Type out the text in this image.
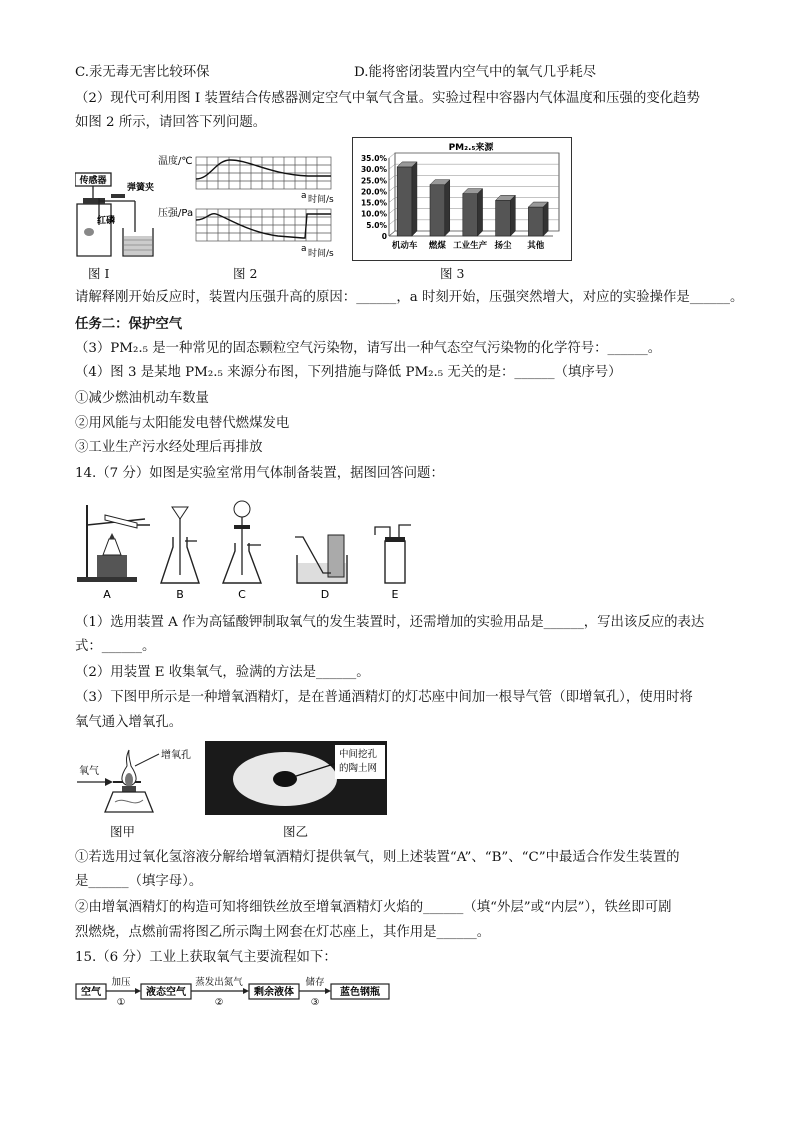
C.汞无毒无害比较环保	D.能将密闭装置内空气中的氧气几乎耗尽
（2）现代可利用图 I 装置结合传感器测定空气中氧气含量。实验过程中容器内气体温度和压强的变化趋势
如图 2 所示，请回答下列问题。
传感器
弹簧夹
红磷
图 I
温度/℃
a 时间/s
压强/Pa
a 时间/s
图 2
PM₂.₅来源
0
5.0%
10.0%
15.0%
20.0%
25.0%
30.0%
35.0%
机动车 燃煤 工业生产 扬尘 其他
图 3
请解释刚开始反应时，装置内压强升高的原因：______，a 时刻开始，压强突然增大，对应的实验操作是______。
任务二：保护空气
（3）PM₂.₅ 是一种常见的固态颗粒空气污染物，请写出一种气态空气污染物的化学符号：______。
（4）图 3 是某地 PM₂.₅ 来源分布图，下列措施与降低 PM₂.₅ 无关的是：______（填序号）
①减少燃油机动车数量
②用风能与太阳能发电替代燃煤发电
③工业生产污水经处理后再排放
14.（7 分）如图是实验室常用气体制备装置，据图回答问题：
A	B	C	D	E
（1）选用装置 A 作为高锰酸钾制取氧气的发生装置时，还需增加的实验用品是______，写出该反应的表达
式：______。
（2）用装置 E 收集氧气，验满的方法是______。
（3）下图甲所示是一种增氧酒精灯，是在普通酒精灯的灯芯座中间加一根导气管（即增氧孔），使用时将
氧气通入增氧孔。
氧气
增氧孔
图甲
中间挖孔
的陶土网
图乙
①若选用过氧化氢溶液分解给增氧酒精灯提供氧气，则上述装置“A”、“B”、“C”中最适合作发生装置的
是______（填字母）。
②由增氧酒精灯的构造可知将细铁丝放至增氧酒精灯火焰的______（填“外层”或“内层”），铁丝即可剧
烈燃烧，点燃前需将图乙所示陶土网套在灯芯座上，其作用是______。
15.（6 分）工业上获取氧气主要流程如下：
空气
加压
①
液态空气
蒸发出氮气
②
剩余液体
储存
③
蓝色钢瓶
